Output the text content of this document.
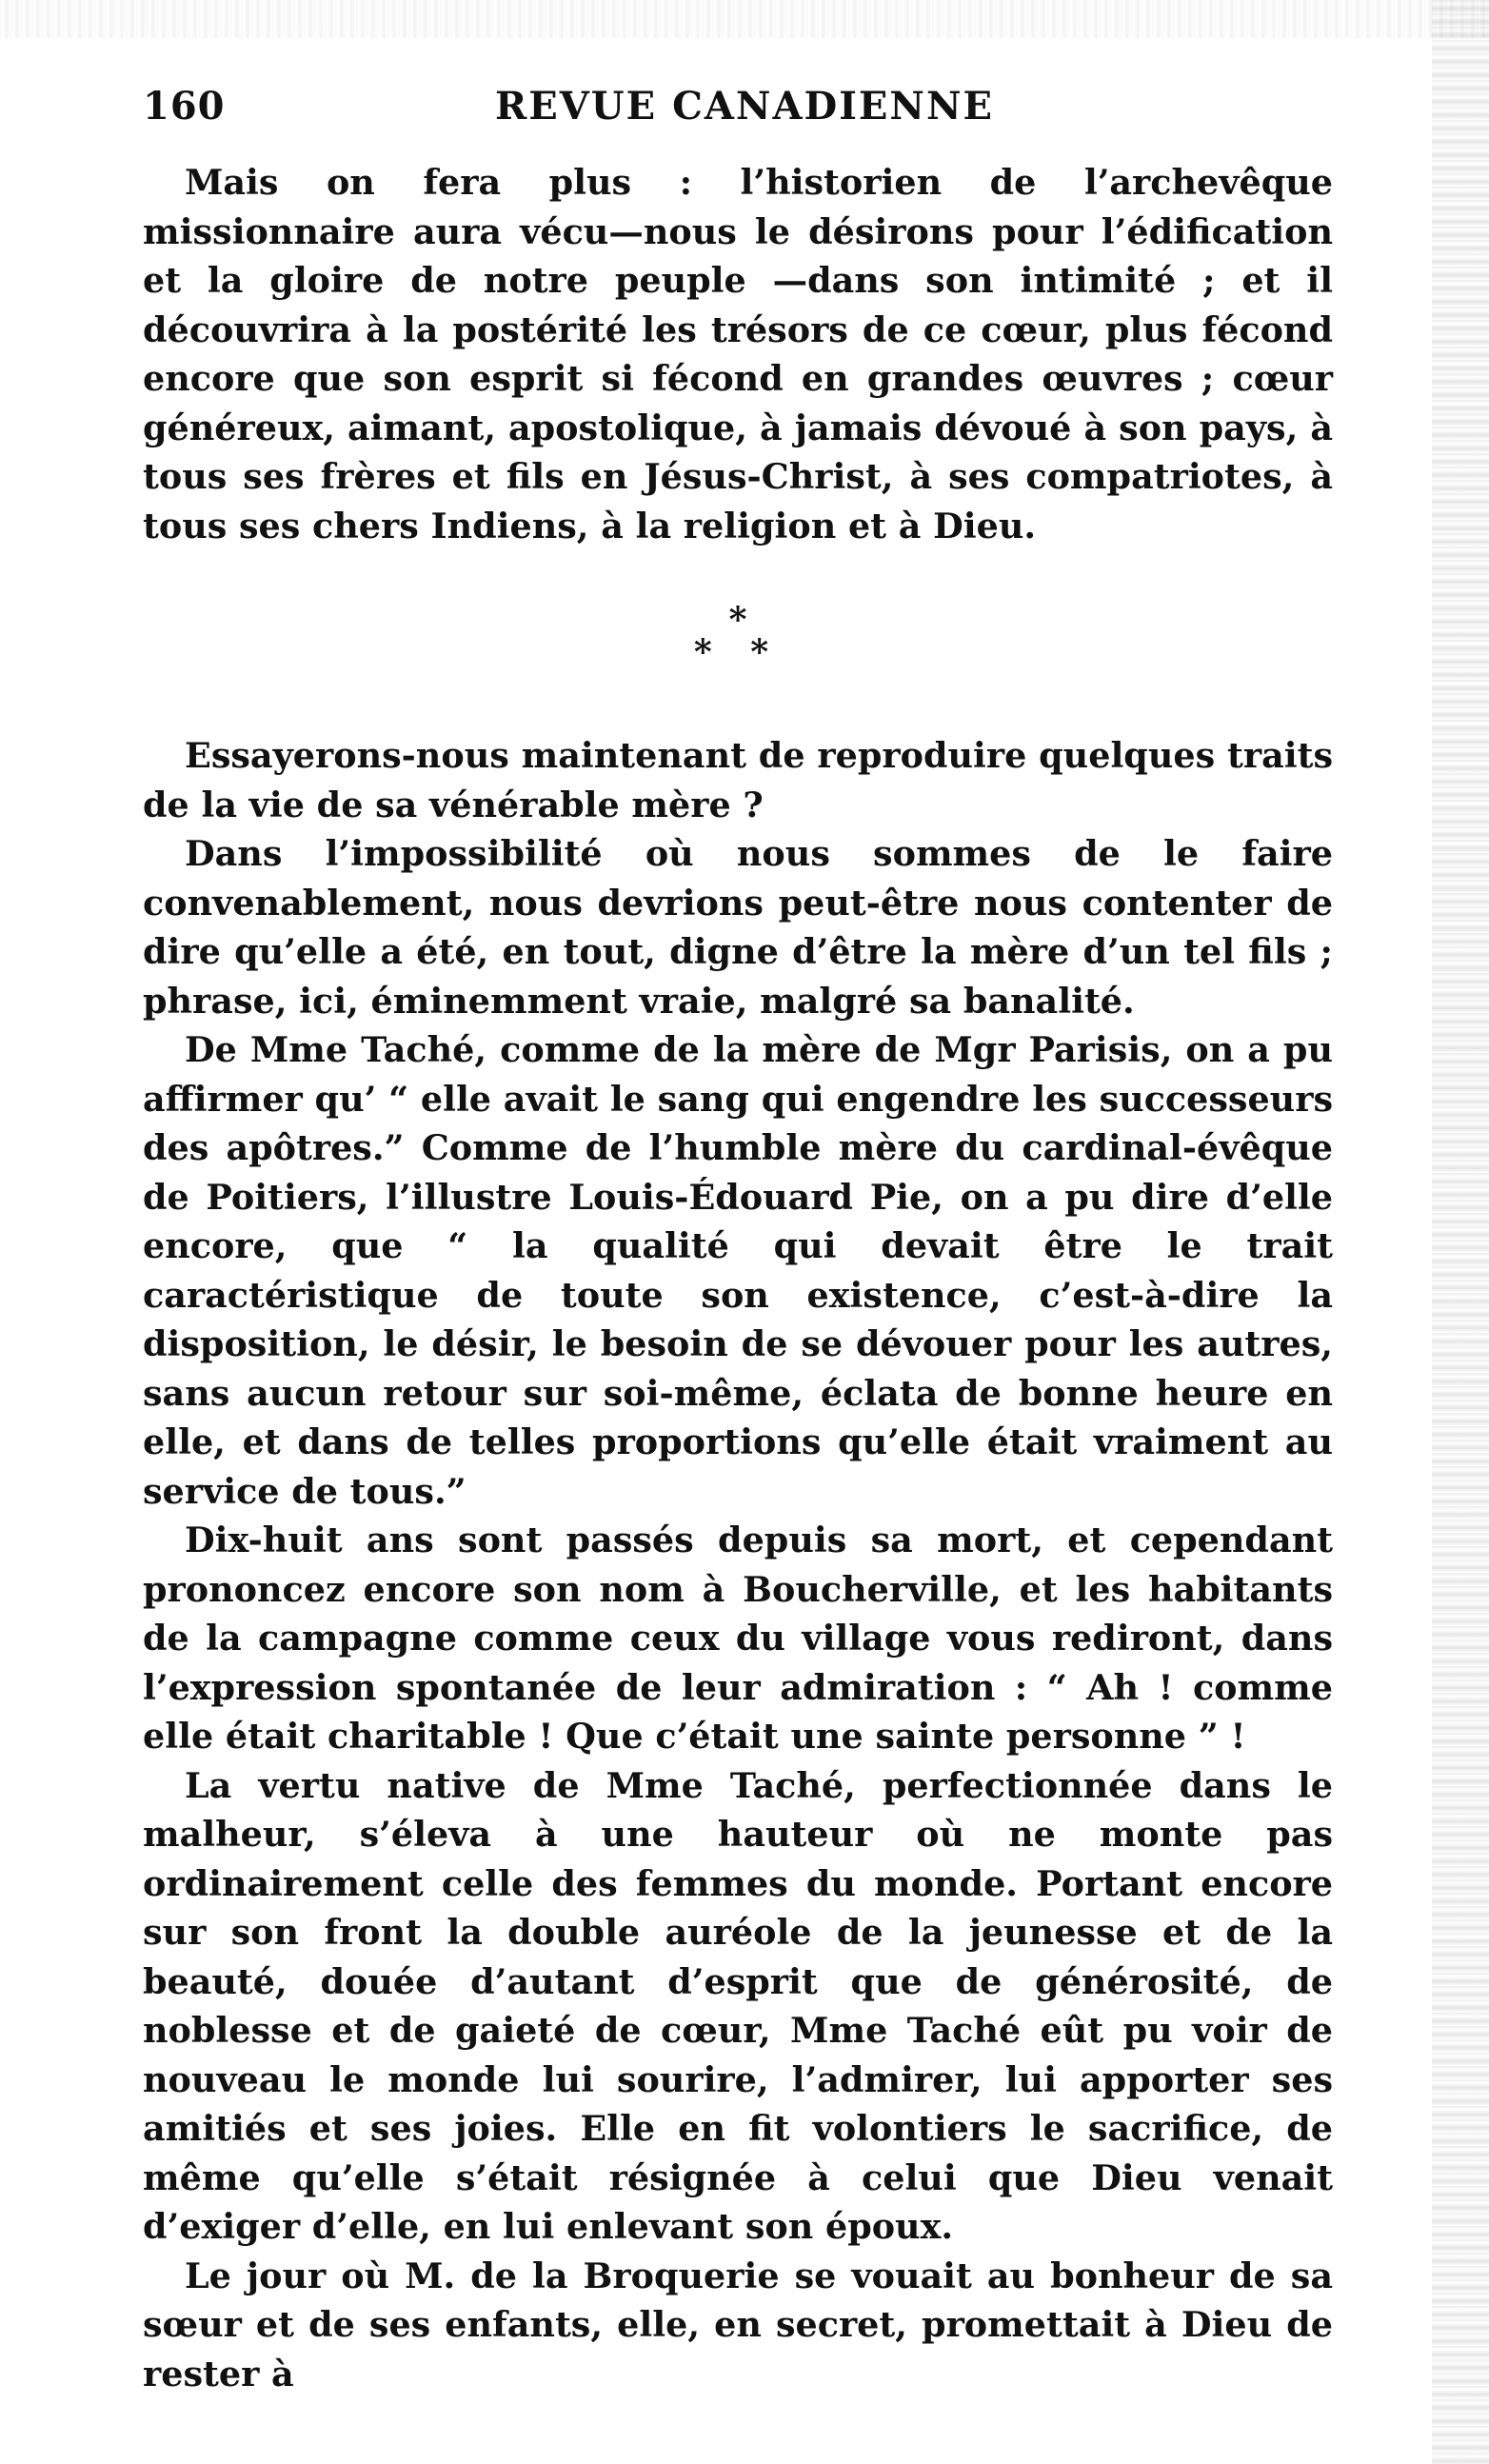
160	REVUE CANADIENNE

Mais on fera plus : l’historien de l’archevêque missionnaire aura vécu—nous le désirons pour l’édification et la gloire de notre peuple —dans son intimité ; et il découvrira à la postérité les trésors de ce cœur, plus fécond encore que son esprit si fécond en grandes œuvres ; cœur généreux, aimant, apostolique, à jamais dévoué à son pays, à tous ses frères et fils en Jésus-Christ, à ses compatriotes, à tous ses chers Indiens, à la religion et à Dieu.

*
* *

Essayerons-nous maintenant de reproduire quelques traits de la vie de sa vénérable mère ?

Dans l’impossibilité où nous sommes de le faire convenablement, nous devrions peut-être nous contenter de dire qu’elle a été, en tout, digne d’être la mère d’un tel fils ; phrase, ici, éminemment vraie, malgré sa banalité.

De Mme Taché, comme de la mère de Mgr Parisis, on a pu affirmer qu’ “ elle avait le sang qui engendre les successeurs des apôtres.” Comme de l’humble mère du cardinal-évêque de Poitiers, l’illustre Louis-Édouard Pie, on a pu dire d’elle encore, que “ la qualité qui devait être le trait caractéristique de toute son existence, c’est-à-dire la disposition, le désir, le besoin de se dévouer pour les autres, sans aucun retour sur soi-même, éclata de bonne heure en elle, et dans de telles proportions qu’elle était vraiment au service de tous.”

Dix-huit ans sont passés depuis sa mort, et cependant prononcez encore son nom à Boucherville, et les habitants de la campagne comme ceux du village vous rediront, dans l’expression spontanée de leur admiration : “ Ah ! comme elle était charitable ! Que c’était une sainte personne ” !

La vertu native de Mme Taché, perfectionnée dans le malheur, s’éleva à une hauteur où ne monte pas ordinairement celle des femmes du monde. Portant encore sur son front la double auréole de la jeunesse et de la beauté, douée d’autant d’esprit que de générosité, de noblesse et de gaieté de cœur, Mme Taché eût pu voir de nouveau le monde lui sourire, l’admirer, lui apporter ses amitiés et ses joies. Elle en fit volontiers le sacrifice, de même qu’elle s’était résignée à celui que Dieu venait d’exiger d’elle, en lui enlevant son époux.

Le jour où M. de la Broquerie se vouait au bonheur de sa sœur et de ses enfants, elle, en secret, promettait à Dieu de rester à
